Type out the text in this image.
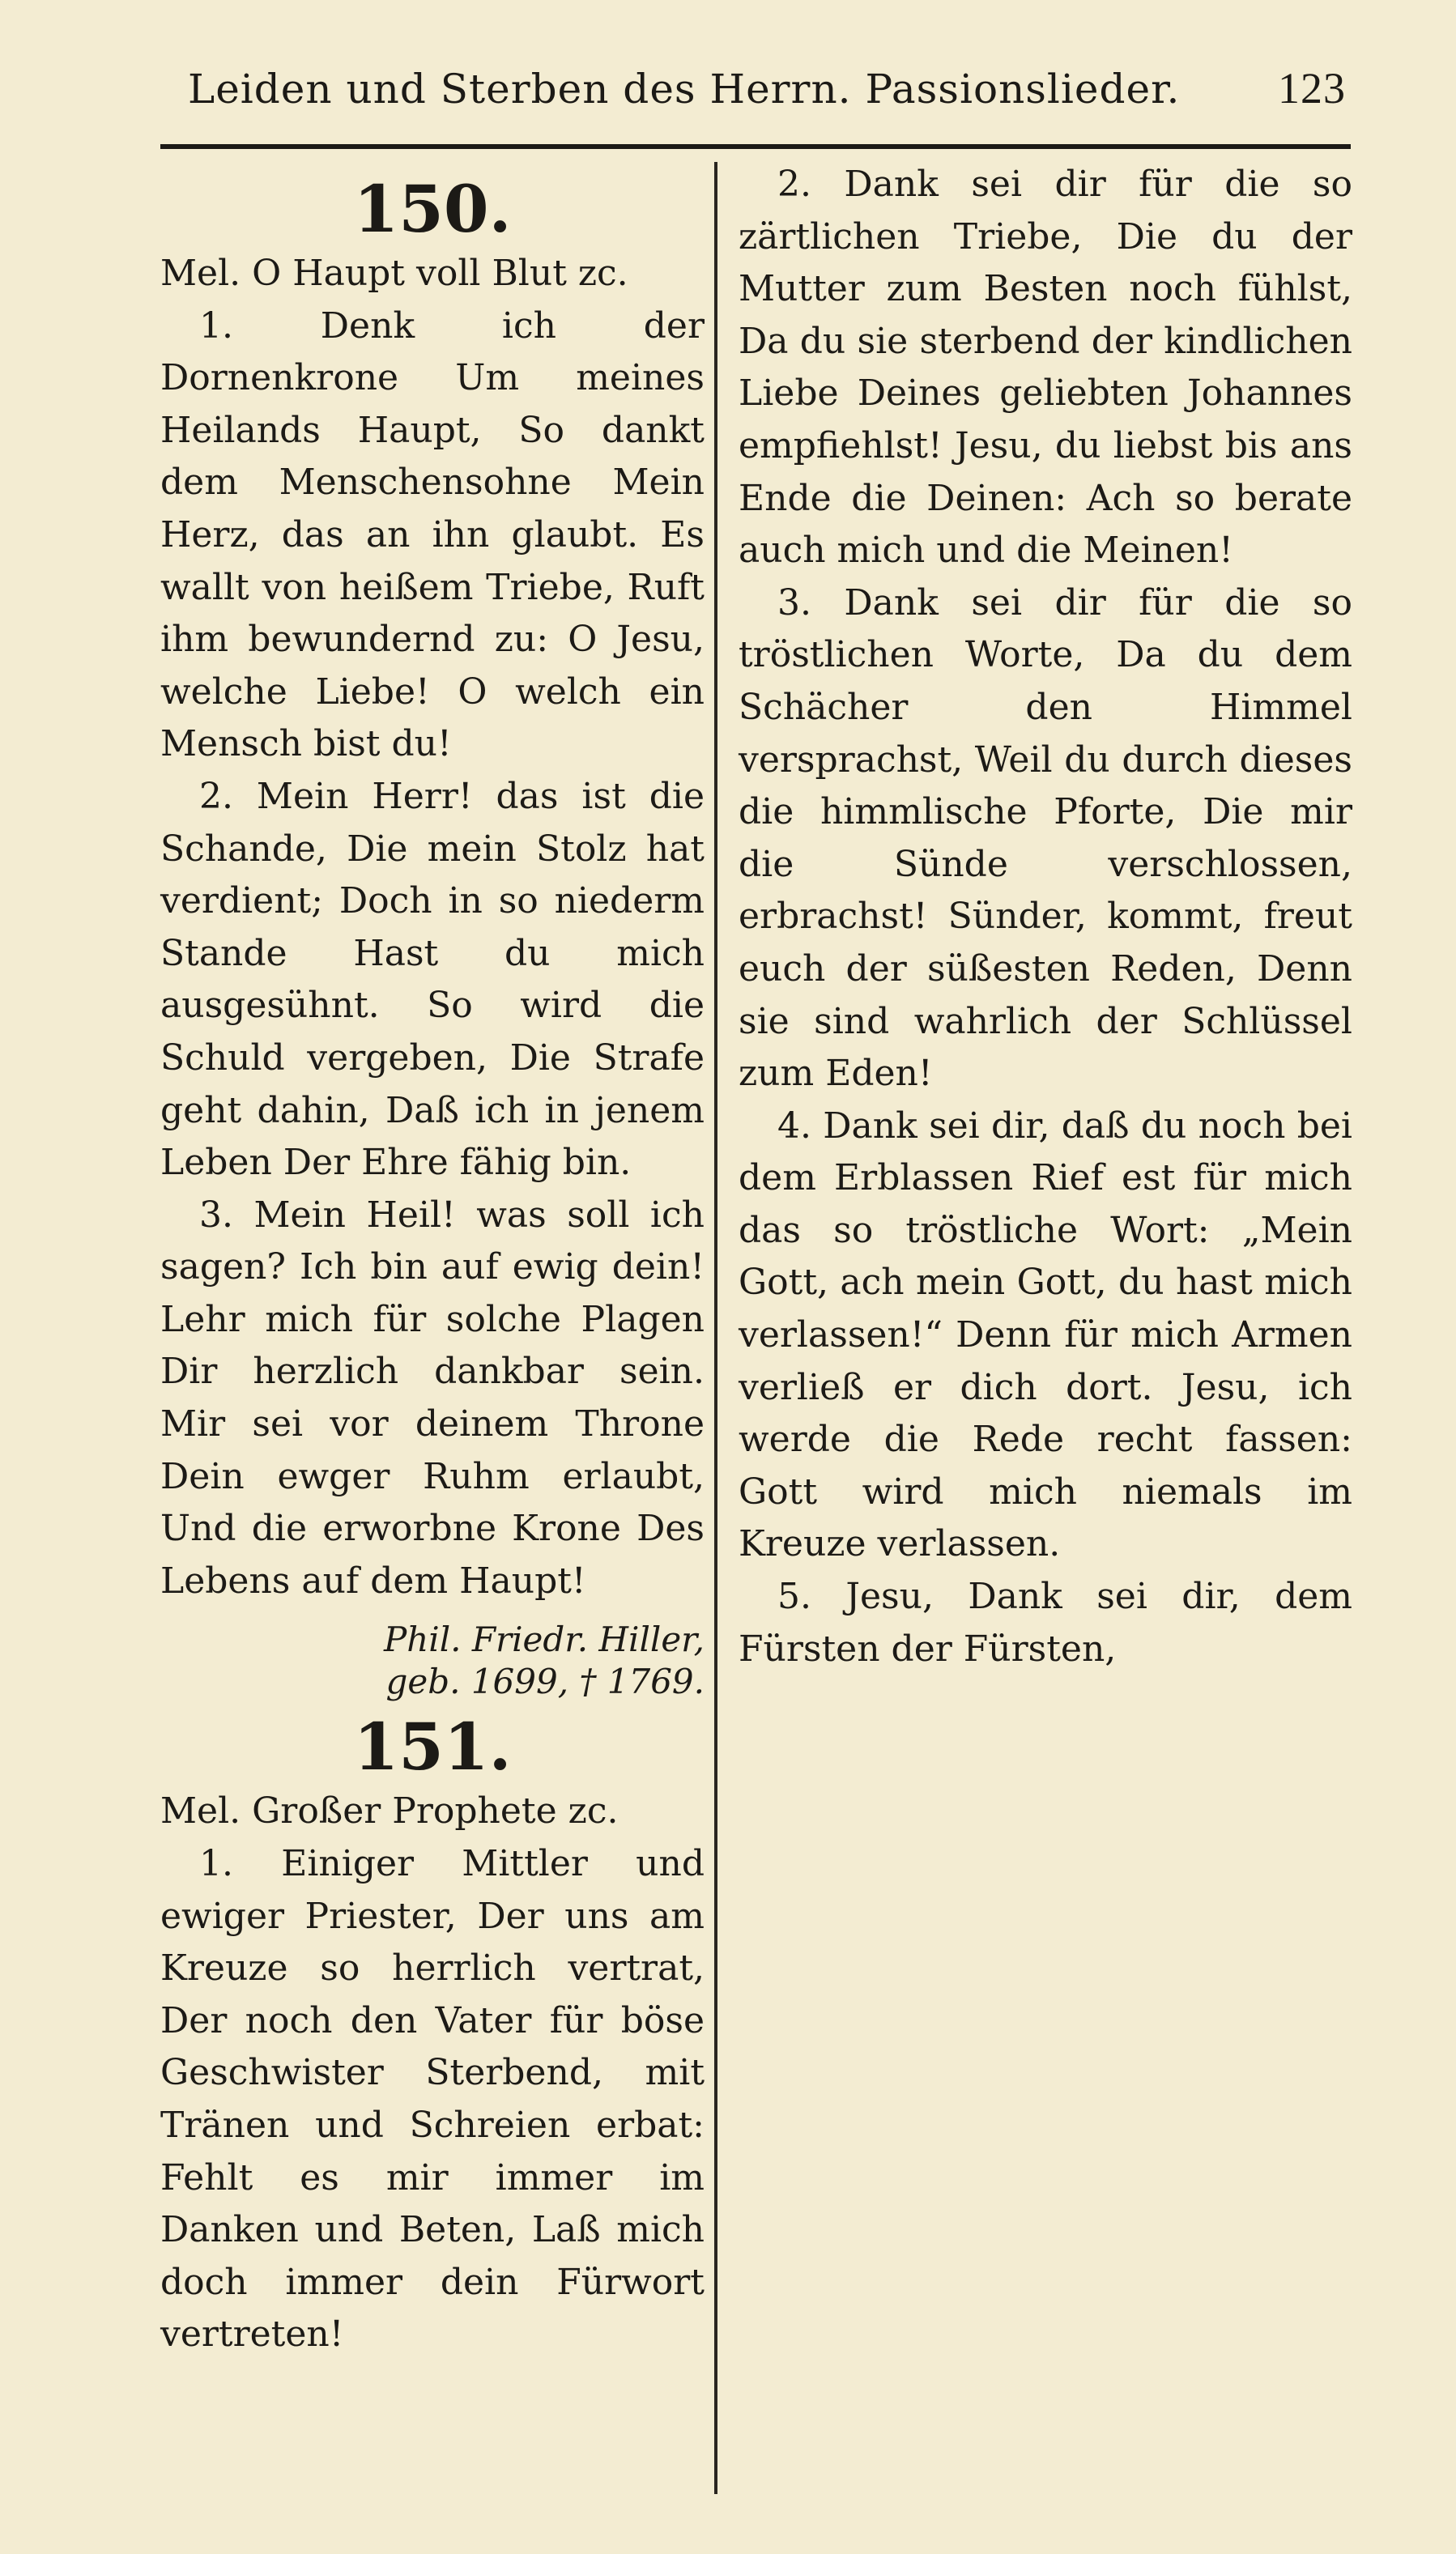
Leiden und Sterben des Herrn. Passionslieder. 123
150.

Mel. O Haupt voll Blut zc.

1. Denk ich der Dornenkrone Um meines Heilands Haupt, So dankt dem Menschensohne Mein Herz, das an ihn glaubt. Es wallt von heißem Triebe, Ruft ihm bewundernd zu: O Jesu, welche Liebe! O welch ein Mensch bist du!

2. Mein Herr! das ist die Schande, Die mein Stolz hat verdient; Doch in so niederm Stande Hast du mich ausgesühnt. So wird die Schuld vergeben, Die Strafe geht dahin, Daß ich in jenem Leben Der Ehre fähig bin.

3. Mein Heil! was soll ich sagen? Ich bin auf ewig dein! Lehr mich für solche Plagen Dir herzlich dankbar sein. Mir sei vor deinem Throne Dein ewger Ruhm erlaubt, Und die erworbne Krone Des Lebens auf dem Haupt!

Phil. Friedr. Hiller,
geb. 1699, † 1769.
151.

Mel. Großer Prophete zc.

1. Einiger Mittler und ewiger Priester, Der uns am Kreuze so herrlich vertrat, Der noch den Vater für böse Geschwister Sterbend, mit Tränen und Schreien erbat: Fehlt es mir immer im Danken und Beten, Laß mich doch immer dein Fürwort vertreten!

2. Dank sei dir für die so zärtlichen Triebe, Die du der Mutter zum Besten noch fühlst, Da du sie sterbend der kindlichen Liebe Deines geliebten Johannes empfiehlst! Jesu, du liebst bis ans Ende die Deinen: Ach so berate auch mich und die Meinen!

3. Dank sei dir für die so tröstlichen Worte, Da du dem Schächer den Himmel versprachst, Weil du durch dieses die himmlische Pforte, Die mir die Sünde verschlossen, erbrachst! Sünder, kommt, freut euch der süßesten Reden, Denn sie sind wahrlich der Schlüssel zum Eden!

4. Dank sei dir, daß du noch bei dem Erblassen Rief est für mich das so tröstliche Wort: „Mein Gott, ach mein Gott, du hast mich verlassen!“ Denn für mich Armen verließ er dich dort. Jesu, ich werde die Rede recht fassen: Gott wird mich niemals im Kreuze verlassen.

5. Jesu, Dank sei dir, dem Fürsten der Fürsten,
